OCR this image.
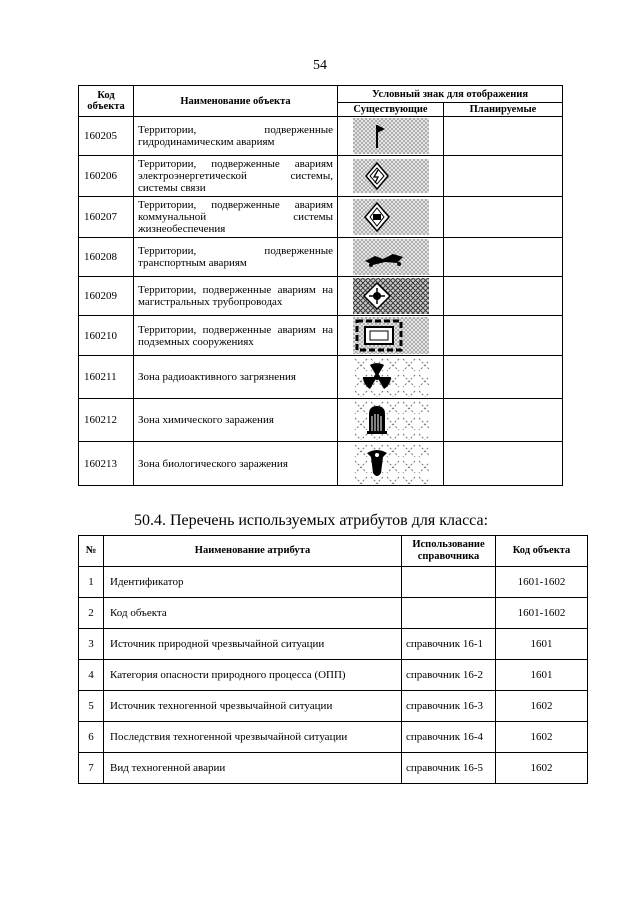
54
Код объекта	Наименование объекта	Условный знак для отображения	
		Существующие	Планируемые
160205	Территории, подверженные гидродинамическим авариям	

160206	Территории, подверженные авариям электроэнергетической системы, системы связи	

160207	Территории, подверженные авариям коммунальной системы жизнеобеспечения	

160208	Территории, подверженные транспортным авариям	

160209	Территории, подверженные авариям на магистральных трубопроводах	

160210	Территории, подверженные авариям на подземных сооружениях	

160211	Зона радиоактивного загрязнения	

160212	Зона химического заражения	

160213	Зона биологического заражения	

50.4. Перечень используемых атрибутов для класса:
№	Наименование атрибута	Использование справочника	Код объекта
1	Идентификатор		1601-1602
2	Код объекта		1601-1602
3	Источник природной чрезвычайной ситуации	справочник 16-1	1601
4	Категория опасности природного процесса (ОПП)	справочник 16-2	1601
5	Источник техногенной чрезвычайной ситуации	справочник 16-3	1602
6	Последствия техногенной чрезвычайной ситуации	справочник 16-4	1602
7	Вид техногенной аварии	справочник 16-5	1602
